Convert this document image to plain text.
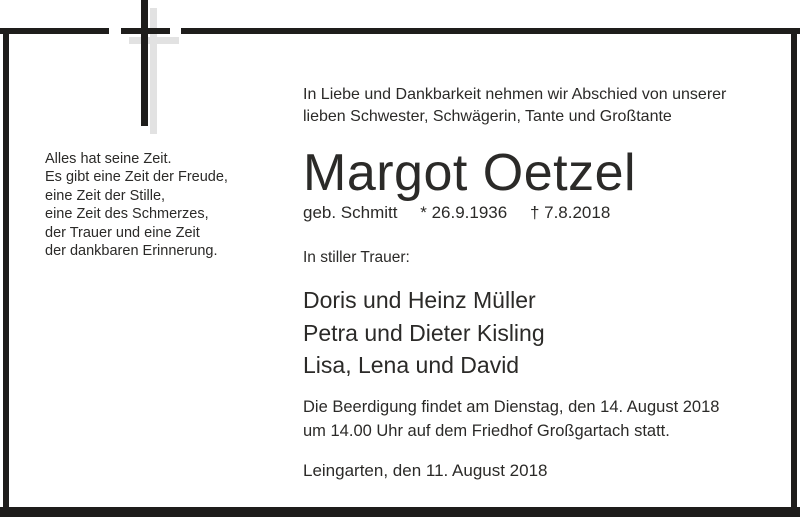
Alles hat seine Zeit.
Es gibt eine Zeit der Freude,
eine Zeit der Stille,
eine Zeit des Schmerzes,
der Trauer und eine Zeit
der dankbaren Erinnerung.
In Liebe und Dankbarkeit nehmen wir Abschied von unserer
lieben Schwester, Schwägerin, Tante und Großtante
Margot Oetzel
geb. Schmitt * 26.9.1936 † 7.8.2018
In stiller Trauer:
Doris und Heinz Müller
Petra und Dieter Kisling
Lisa, Lena und David
Die Beerdigung findet am Dienstag, den 14. August 2018
um 14.00 Uhr auf dem Friedhof Großgartach statt.
Leingarten, den 11. August 2018
